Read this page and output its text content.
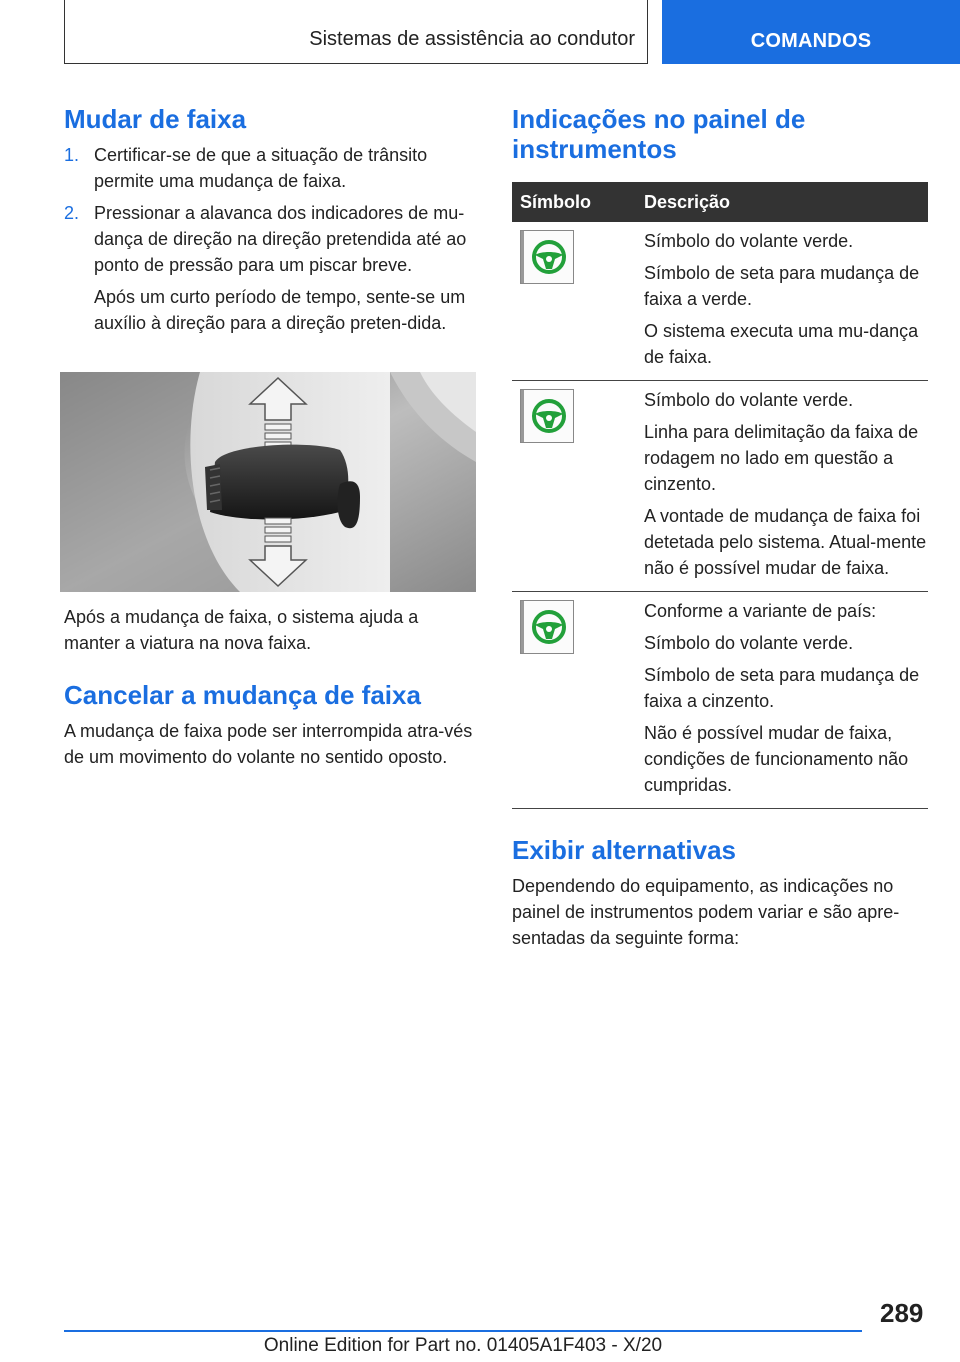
Sistemas de assistência ao condutor	COMANDOS
Mudar de faixa
1. Certificar-se de que a situação de trânsito permite uma mudança de faixa.
2. Pressionar a alavanca dos indicadores de mu-dança de direção na direção pretendida até ao ponto de pressão para um piscar breve.

Após um curto período de tempo, sente-se um auxílio à direção para a direção preten-dida.

Após a mudança de faixa, o sistema ajuda a manter a viatura na nova faixa.

Cancelar a mudança de faixa

A mudança de faixa pode ser interrompida atra-vés de um movimento do volante no sentido oposto.

Indicações no painel de instrumentos
Símbolo	Descrição

Símbolo do volante verde.

Símbolo de seta para mudança de faixa a verde.

O sistema executa uma mu-dança de faixa.

Símbolo do volante verde.

Linha para delimitação da faixa de rodagem no lado em questão a cinzento.

A vontade de mudança de faixa foi detetada pelo sistema. Atual-mente não é possível mudar de faixa.

Conforme a variante de país:

Símbolo do volante verde.

Símbolo de seta para mudança de faixa a cinzento.

Não é possível mudar de faixa, condições de funcionamento não cumpridas.

Exibir alternativas

Dependendo do equipamento, as indicações no painel de instrumentos podem variar e são apre-sentadas da seguinte forma:

289
Online Edition for Part no. 01405A1F403 - X/20
